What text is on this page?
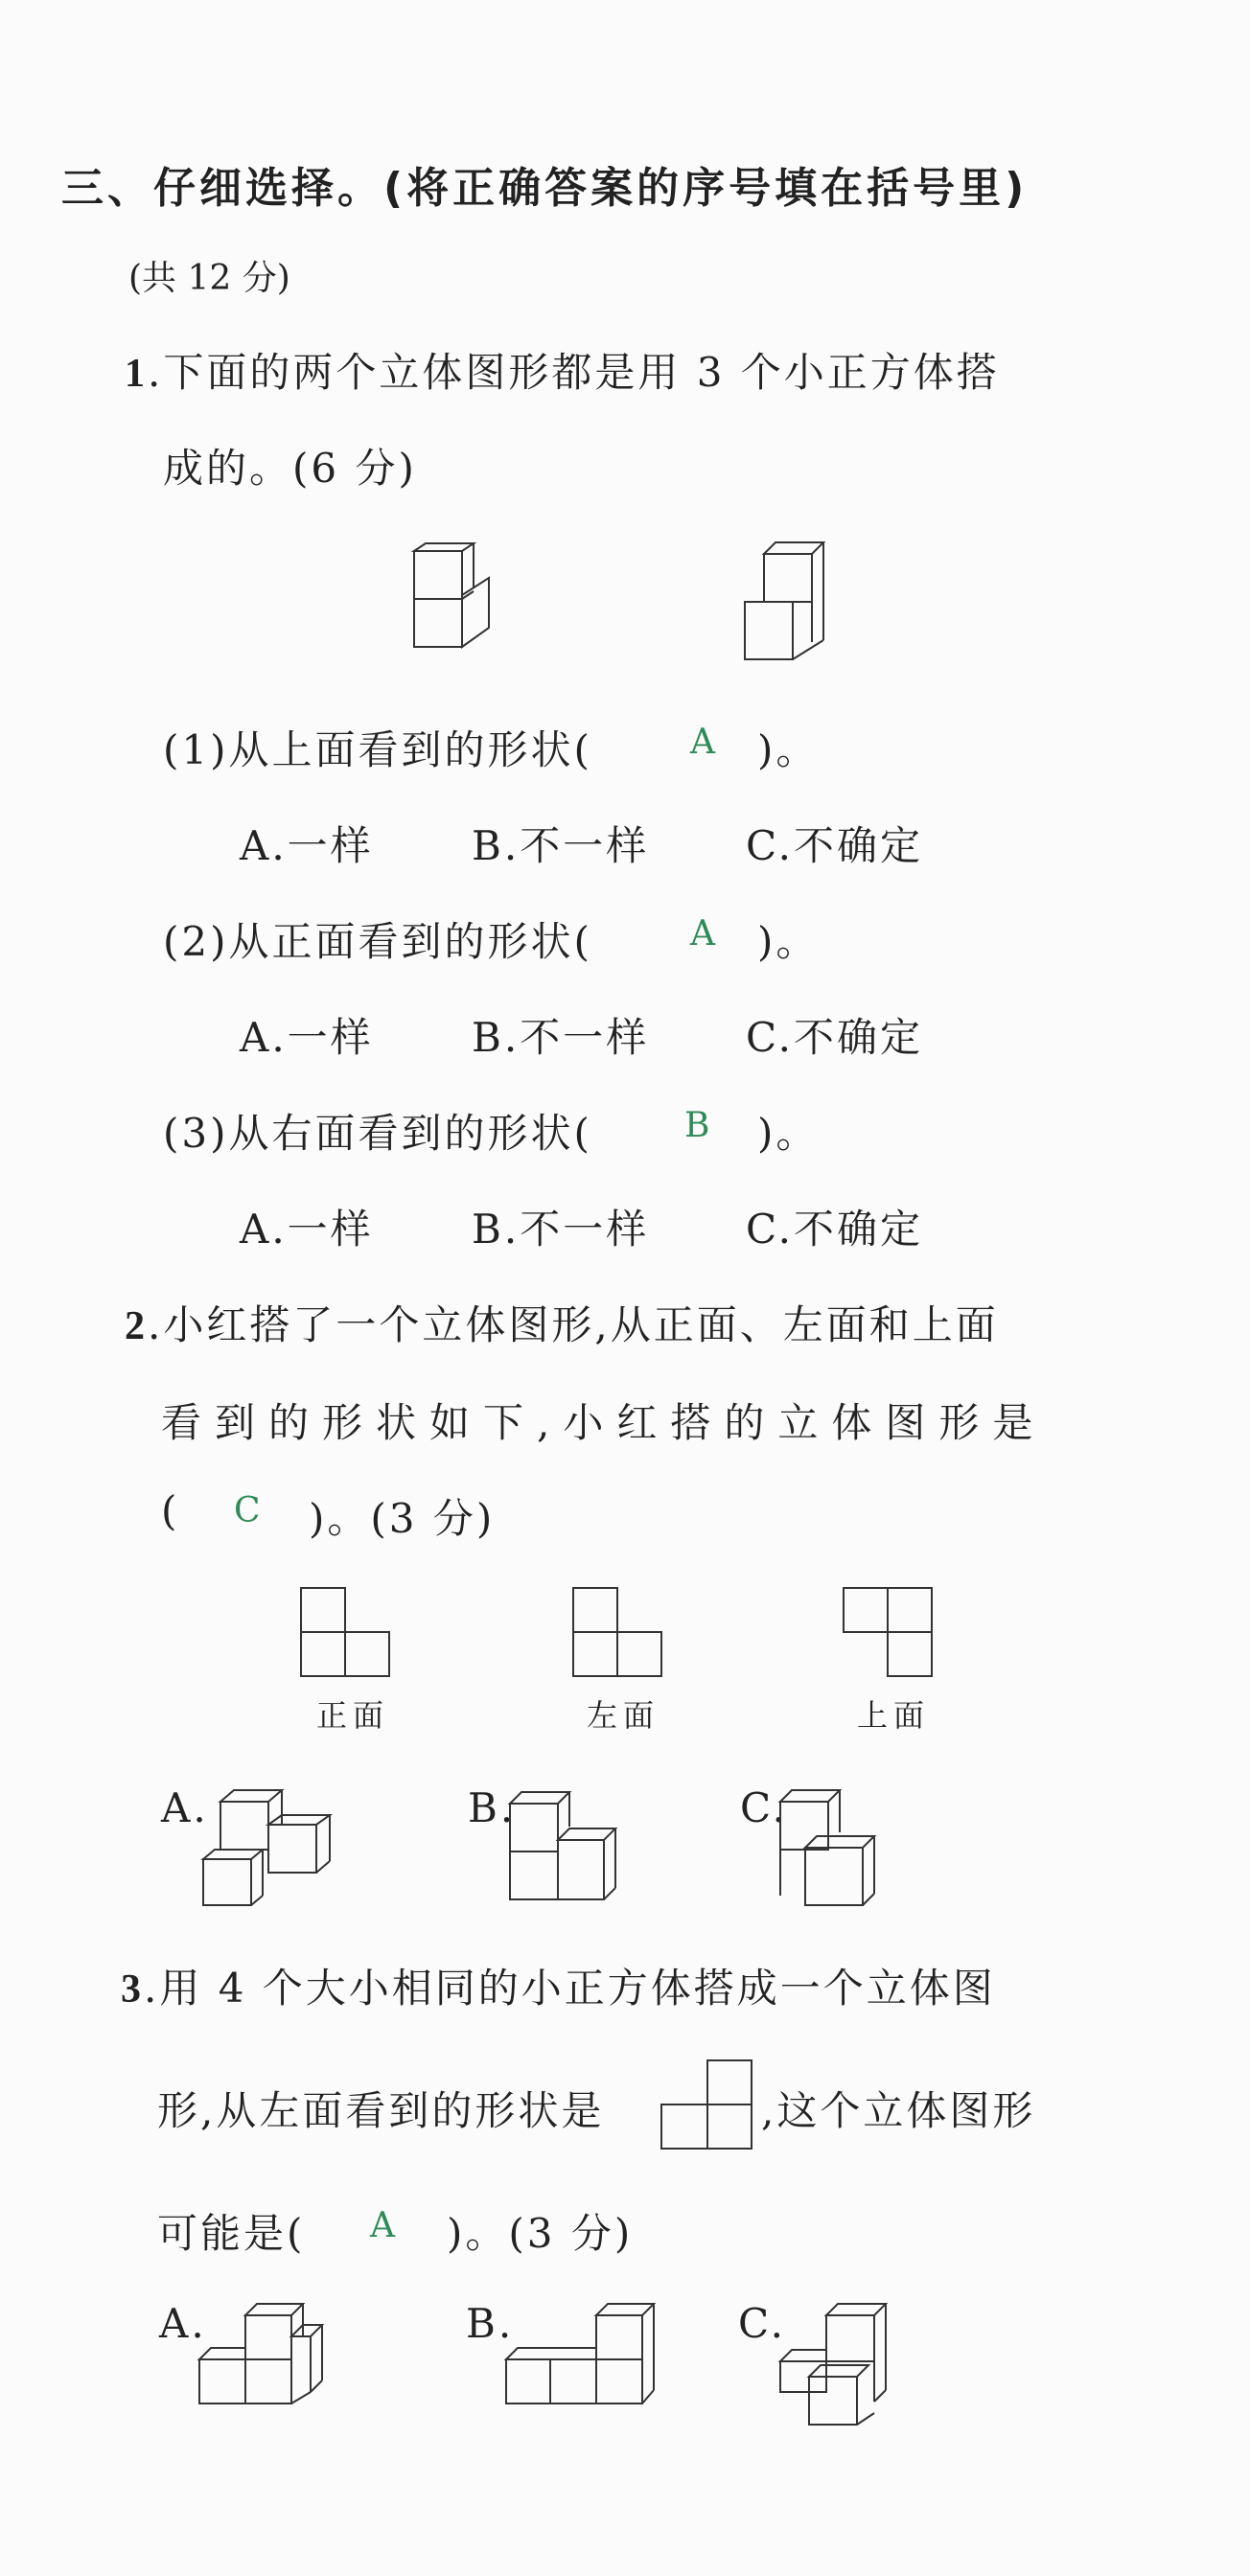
三、仔细选择。(将正确答案的序号填在括号里)
(共 12 分)
1.下面的两个立体图形都是用 3 个小正方体搭
成的。(6 分)
(1)从上面看到的形状(	A )。
A.一样 B.不一样 C.不确定
(2)从正面看到的形状(	A )。
A.一样 B.不一样 C.不确定
(3)从右面看到的形状(	B )。
A.一样 B.不一样 C.不确定
2.小红搭了一个立体图形,从正面、左面和上面
看到的形状如下,小红搭的立体图形是
( C )。(3 分)
正面	左面	上面
A.	B.	C.
3.用 4 个大小相同的小正方体搭成一个立体图
形,从左面看到的形状是	,这个立体图形
可能是( A )。(3 分)
A.	B.	C.
